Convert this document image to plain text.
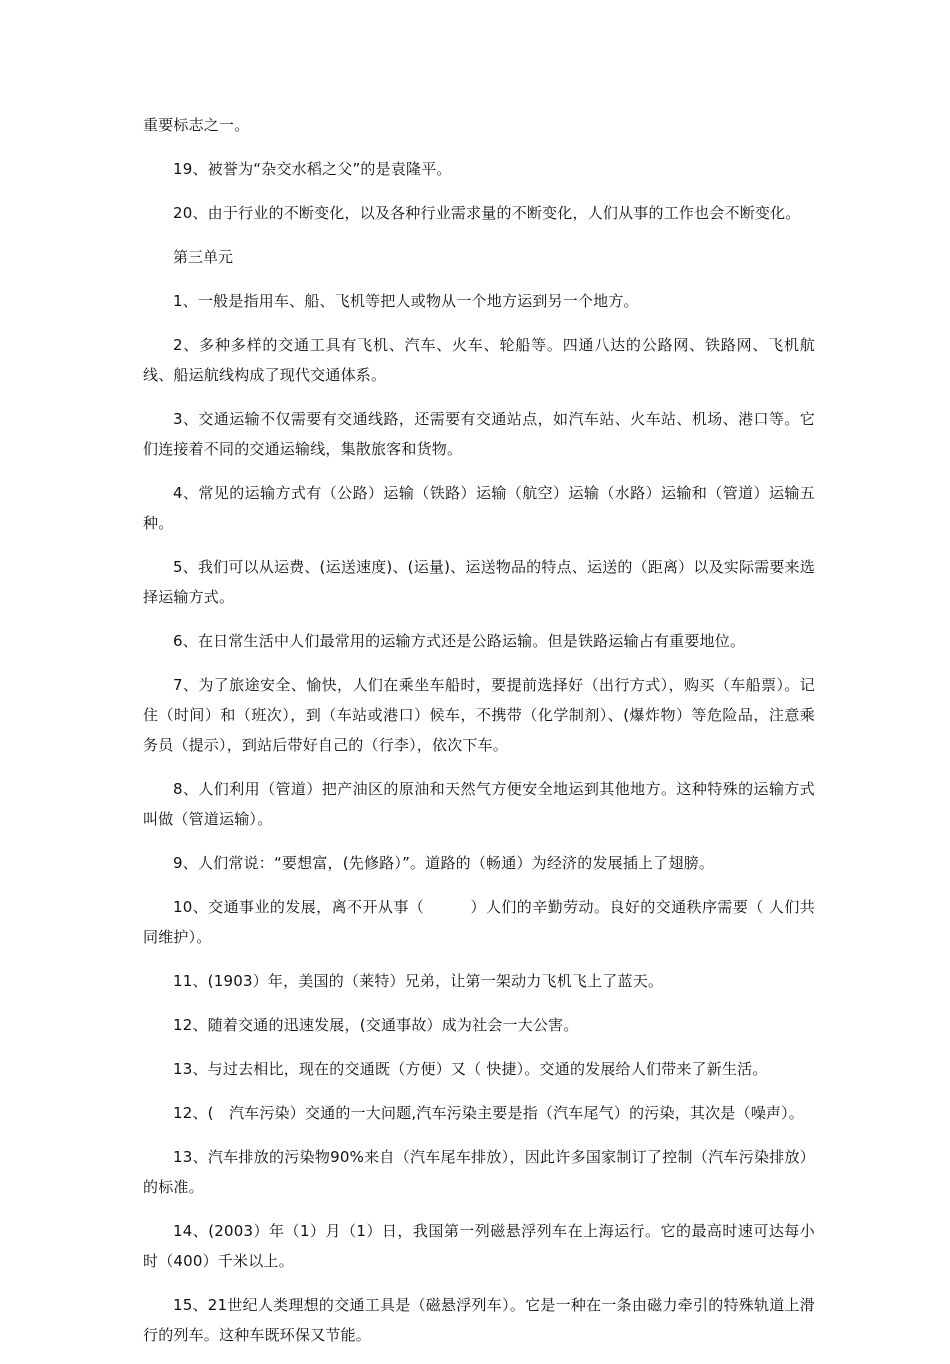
重要标志之一。

19、被誉为“杂交水稻之父”的是袁隆平。

20、由于行业的不断变化，以及各种行业需求量的不断变化，人们从事的工作也会不断变化。

第三单元

1、一般是指用车、船、飞机等把人或物从一个地方运到另一个地方。

2、多种多样的交通工具有飞机、汽车、火车、轮船等。四通八达的公路网、铁路网、飞机航线、船运航线构成了现代交通体系。

3、交通运输不仅需要有交通线路，还需要有交通站点，如汽车站、火车站、机场、港口等。它们连接着不同的交通运输线，集散旅客和货物。

4、常见的运输方式有（公路）运输（铁路）运输（航空）运输（水路）运输和（管道）运输五种。

5、我们可以从运费、(运送速度)、(运量)、运送物品的特点、运送的（距离）以及实际需要来选择运输方式。

6、在日常生活中人们最常用的运输方式还是公路运输。但是铁路运输占有重要地位。

7、为了旅途安全、愉快，人们在乘坐车船时，要提前选择好（出行方式），购买（车船票）。记住（时间）和（班次），到（车站或港口）候车，不携带（化学制剂）、(爆炸物）等危险品，注意乘务员（提示），到站后带好自己的（行李），依次下车。

8、人们利用（管道）把产油区的原油和天然气方便安全地运到其他地方。这种特殊的运输方式叫做（管道运输）。

9、人们常说：“要想富，(先修路）”。道路的（畅通）为经济的发展插上了翅膀。

10、交通事业的发展，离不开从事（　　　）人们的辛勤劳动。良好的交通秩序需要（ 人们共同维护）。

11、(1903）年，美国的（莱特）兄弟，让第一架动力飞机飞上了蓝天。

12、随着交通的迅速发展，(交通事故）成为社会一大公害。

13、与过去相比，现在的交通既（方便）又（ 快捷）。交通的发展给人们带来了新生活。

12、(　汽车污染）交通的一大问题,汽车污染主要是指（汽车尾气）的污染，其次是（噪声）。

13、汽车排放的污染物90%来自（汽车尾车排放），因此许多国家制订了控制（汽车污染排放）的标准。

14、(2003）年（1）月（1）日，我国第一列磁悬浮列车在上海运行。它的最高时速可达每小时（400）千米以上。

15、21世纪人类理想的交通工具是（磁悬浮列车）。它是一种在一条由磁力牵引的特殊轨道上滑行的列车。这种车既环保又节能。
